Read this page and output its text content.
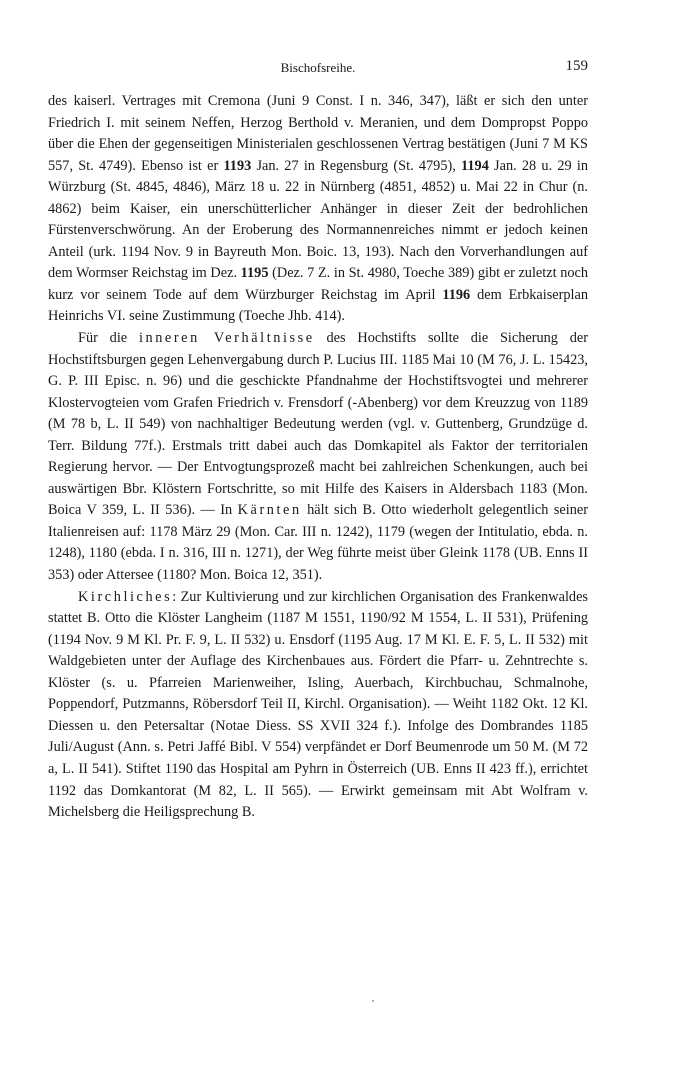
Bischofsreihe.	159

des kaiserl. Vertrages mit Cremona (Juni 9 Const. I n. 346, 347), läßt er sich den unter Friedrich I. mit seinem Neffen, Herzog Berthold v. Meranien, und dem Dompropst Poppo über die Ehen der gegenseitigen Ministerialen geschlossenen Vertrag bestätigen (Juni 7 M KS 557, St. 4749). Ebenso ist er 1193 Jan. 27 in Regensburg (St. 4795), 1194 Jan. 28 u. 29 in Würzburg (St. 4845, 4846), März 18 u. 22 in Nürnberg (4851, 4852) u. Mai 22 in Chur (n. 4862) beim Kaiser, ein unerschütterlicher Anhänger in dieser Zeit der bedrohlichen Fürstenverschwörung. An der Eroberung des Normannenreiches nimmt er jedoch keinen Anteil (urk. 1194 Nov. 9 in Bayreuth Mon. Boic. 13, 193). Nach den Vorverhandlungen auf dem Wormser Reichstag im Dez. 1195 (Dez. 7 Z. in St. 4980, Toeche 389) gibt er zuletzt noch kurz vor seinem Tode auf dem Würzburger Reichstag im April 1196 dem Erbkaiserplan Heinrichs VI. seine Zustimmung (Toeche Jhb. 414).

Für die inneren Verhältnisse des Hochstifts sollte die Sicherung der Hochstiftsburgen gegen Lehenvergabung durch P. Lucius III. 1185 Mai 10 (M 76, J. L. 15423, G. P. III Episc. n. 96) und die geschickte Pfandnahme der Hochstiftsvogtei und mehrerer Klostervogteien vom Grafen Friedrich v. Frensdorf (-Abenberg) vor dem Kreuzzug von 1189 (M 78 b, L. II 549) von nachhaltiger Bedeutung werden (vgl. v. Guttenberg, Grundzüge d. Terr. Bildung 77f.). Erstmals tritt dabei auch das Domkapitel als Faktor der territorialen Regierung hervor. — Der Entvogtungsprozeß macht bei zahlreichen Schenkungen, auch bei auswärtigen Bbr. Klöstern Fortschritte, so mit Hilfe des Kaisers in Aldersbach 1183 (Mon. Boica V 359, L. II 536). — In Kärnten hält sich B. Otto wiederholt gelegentlich seiner Italienreisen auf: 1178 März 29 (Mon. Car. III n. 1242), 1179 (wegen der Intitulatio, ebda. n. 1248), 1180 (ebda. I n. 316, III n. 1271), der Weg führte meist über Gleink 1178 (UB. Enns II 353) oder Attersee (1180? Mon. Boica 12, 351).

Kirchliches: Zur Kultivierung und zur kirchlichen Organisation des Frankenwaldes stattet B. Otto die Klöster Langheim (1187 M 1551, 1190/92 M 1554, L. II 531), Prüfening (1194 Nov. 9 M Kl. Pr. F. 9, L. II 532) u. Ensdorf (1195 Aug. 17 M Kl. E. F. 5, L. II 532) mit Waldgebieten unter der Auflage des Kirchenbaues aus. Fördert die Pfarr- u. Zehntrechte s. Klöster (s. u. Pfarreien Marienweiher, Isling, Auerbach, Kirchbuchau, Schmalnohe, Poppendorf, Putzmanns, Röbersdorf Teil II, Kirchl. Organisation). — Weiht 1182 Okt. 12 Kl. Diessen u. den Petersaltar (Notae Diess. SS XVII 324 f.). Infolge des Dombrandes 1185 Juli/August (Ann. s. Petri Jaffé Bibl. V 554) verpfändet er Dorf Beumenrode um 50 M. (M 72 a, L. II 541). Stiftet 1190 das Hospital am Pyhrn in Österreich (UB. Enns II 423 ff.), errichtet 1192 das Domkantorat (M 82, L. II 565). — Erwirkt gemeinsam mit Abt Wolfram v. Michelsberg die Heiligsprechung B.
